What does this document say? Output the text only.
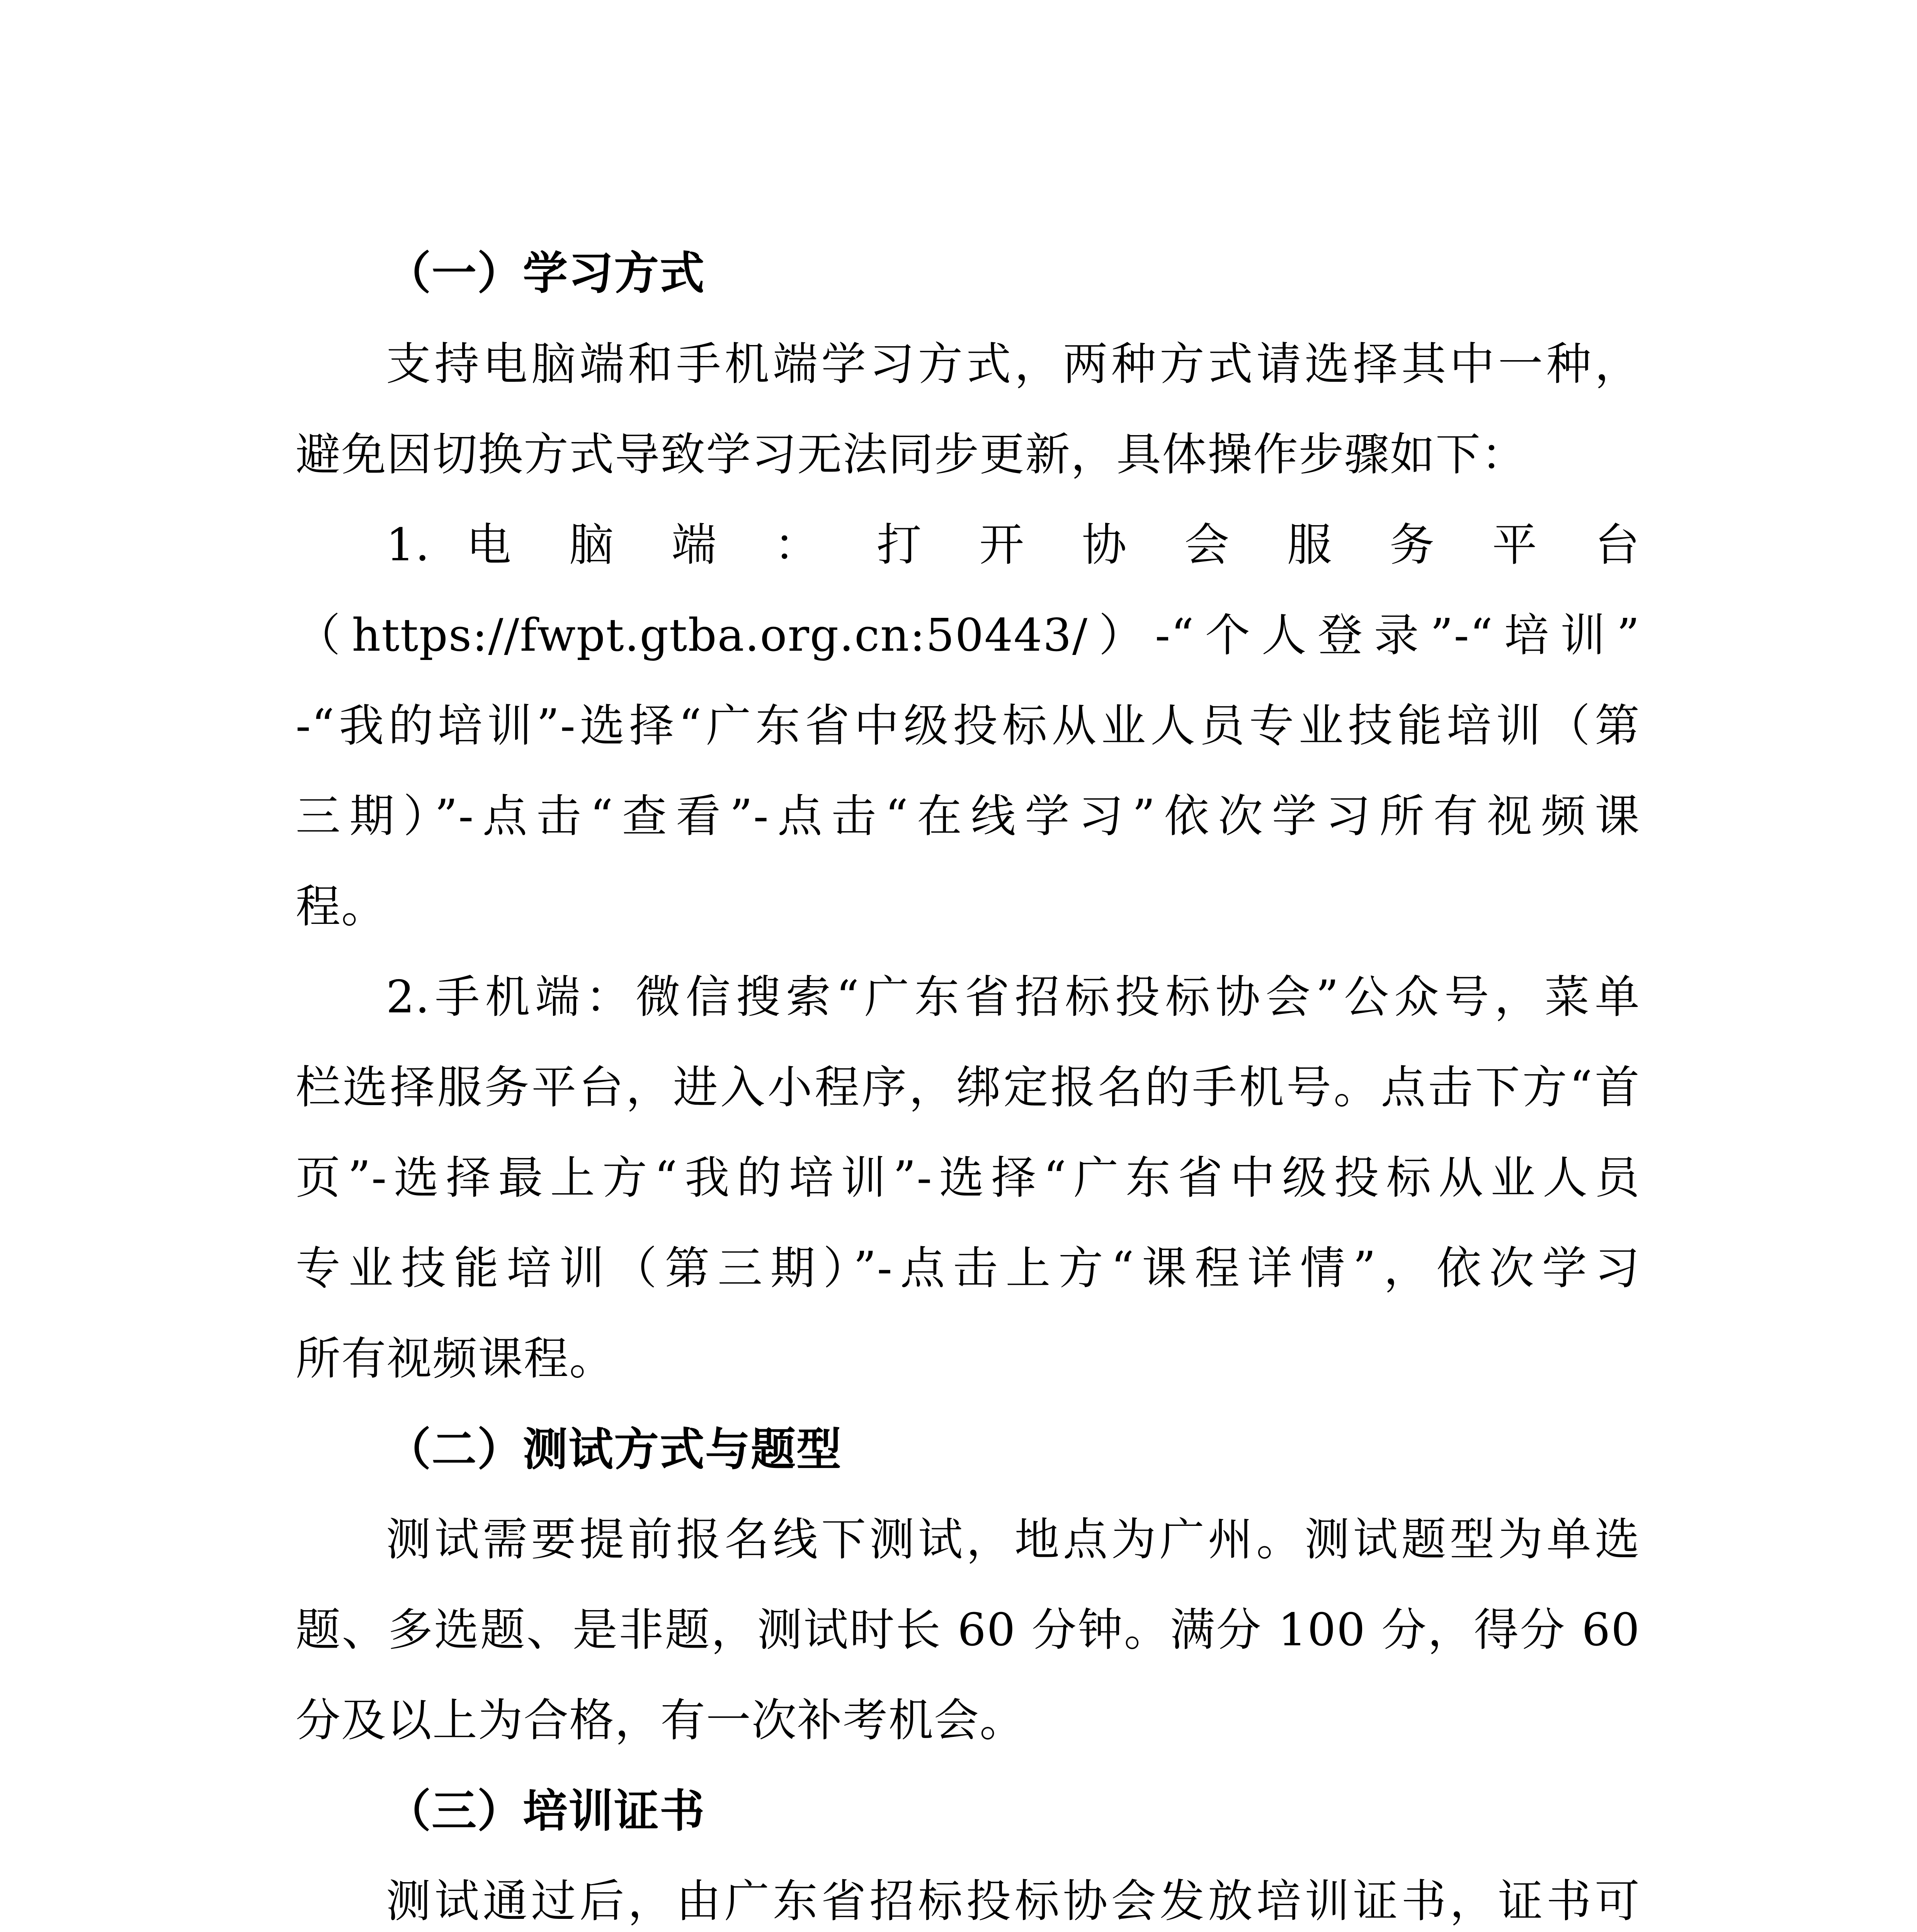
（一）学习方式
支持电脑端和手机端学习方式，两种方式请选择其中一种，
避免因切换方式导致学习无法同步更新，具体操作步骤如下：
1. 电 脑 端 ： 打 开 协 会 服 务 平 台
（https://fwpt.gtba.org.cn:50443/）-“个人登录”-“培训”
-“我的培训”-选择“广东省中级投标从业人员专业技能培训（第
三期）”-点击“查看”-点击“在线学习”依次学习所有视频课
程。
2.手机端：微信搜索“广东省招标投标协会”公众号，菜单
栏选择服务平台，进入小程序，绑定报名的手机号。点击下方“首
页”-选择最上方“我的培训”-选择“广东省中级投标从业人员
专业技能培训（第三期）”-点击上方“课程详情”，依次学习
所有视频课程。
（二）测试方式与题型
测试需要提前报名线下测试，地点为广州。测试题型为单选
题、多选题、是非题，测试时长 60 分钟。满分 100 分，得分 60
分及以上为合格，有一次补考机会。
（三）培训证书
测试通过后，由广东省招标投标协会发放培训证书，证书可
